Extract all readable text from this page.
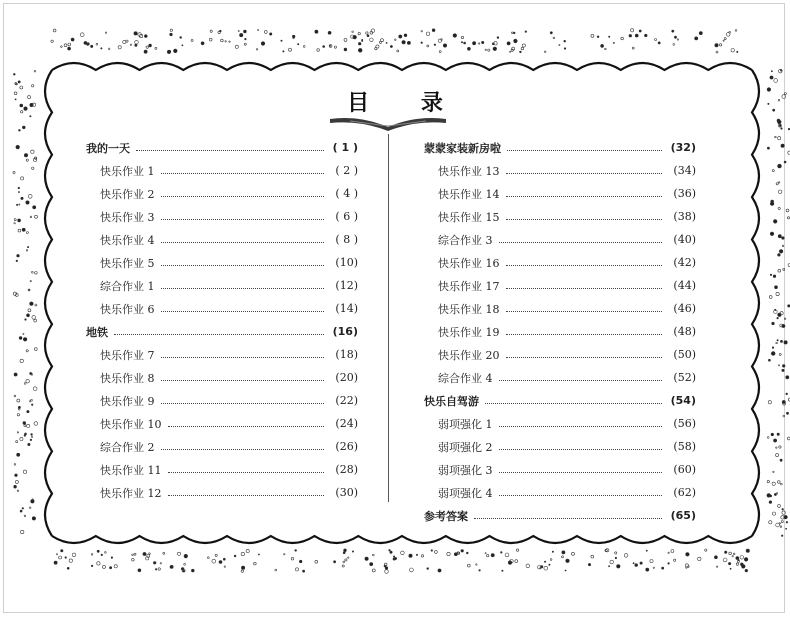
目 录
我的一天	( 1 )
快乐作业 1	( 2 )
快乐作业 2	( 4 )
快乐作业 3	( 6 )
快乐作业 4	( 8 )
快乐作业 5	(10)
综合作业 1	(12)
快乐作业 6	(14)
地铁	(16)
快乐作业 7	(18)
快乐作业 8	(20)
快乐作业 9	(22)
快乐作业 10	(24)
综合作业 2	(26)
快乐作业 11	(28)
快乐作业 12	(30)
蒙蒙家装新房啦	(32)
快乐作业 13	(34)
快乐作业 14	(36)
快乐作业 15	(38)
综合作业 3	(40)
快乐作业 16	(42)
快乐作业 17	(44)
快乐作业 18	(46)
快乐作业 19	(48)
快乐作业 20	(50)
综合作业 4	(52)
快乐自驾游	(54)
弱项强化 1	(56)
弱项强化 2	(58)
弱项强化 3	(60)
弱项强化 4	(62)
参考答案	(65)
